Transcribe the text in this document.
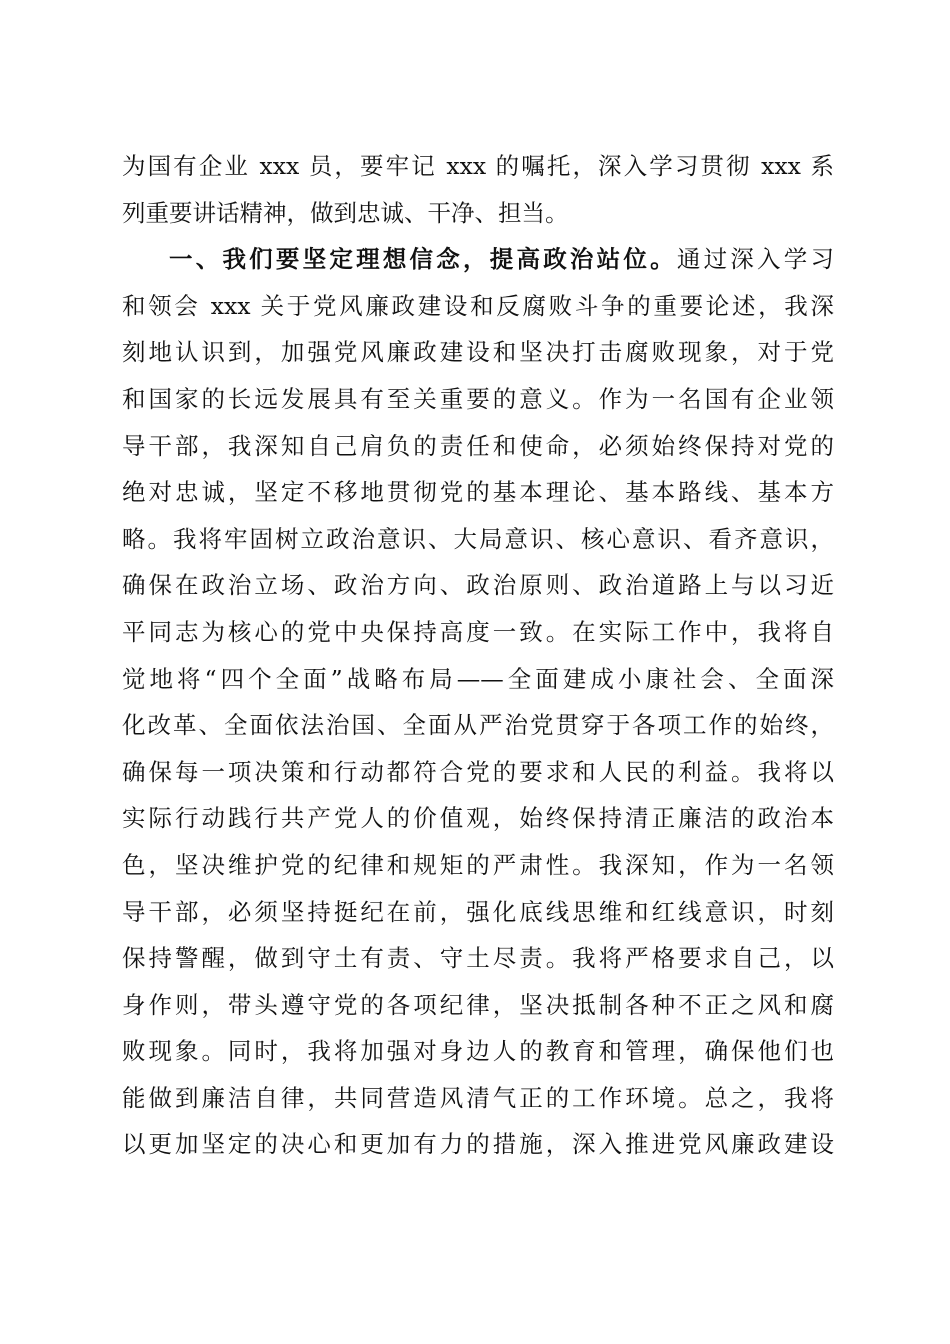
为国有企业 xxx 员，要牢记 xxx 的嘱托，深入学习贯彻 xxx 系
列重要讲话精神，做到忠诚、干净、担当。
一、我们要坚定理想信念，提高政治站位。通过深入学习
和领会 xxx 关于党风廉政建设和反腐败斗争的重要论述，我深
刻地认识到，加强党风廉政建设和坚决打击腐败现象，对于党
和国家的长远发展具有至关重要的意义。作为一名国有企业领
导干部，我深知自己肩负的责任和使命，必须始终保持对党的
绝对忠诚，坚定不移地贯彻党的基本理论、基本路线、基本方
略。我将牢固树立政治意识、大局意识、核心意识、看齐意识，
确保在政治立场、政治方向、政治原则、政治道路上与以习近
平同志为核心的党中央保持高度一致。在实际工作中，我将自
觉地将“四个全面”战略布局——全面建成小康社会、全面深
化改革、全面依法治国、全面从严治党贯穿于各项工作的始终，
确保每一项决策和行动都符合党的要求和人民的利益。我将以
实际行动践行共产党人的价值观，始终保持清正廉洁的政治本
色，坚决维护党的纪律和规矩的严肃性。我深知，作为一名领
导干部，必须坚持挺纪在前，强化底线思维和红线意识，时刻
保持警醒，做到守土有责、守土尽责。我将严格要求自己，以
身作则，带头遵守党的各项纪律，坚决抵制各种不正之风和腐
败现象。同时，我将加强对身边人的教育和管理，确保他们也
能做到廉洁自律，共同营造风清气正的工作环境。总之，我将
以更加坚定的决心和更加有力的措施，深入推进党风廉政建设
